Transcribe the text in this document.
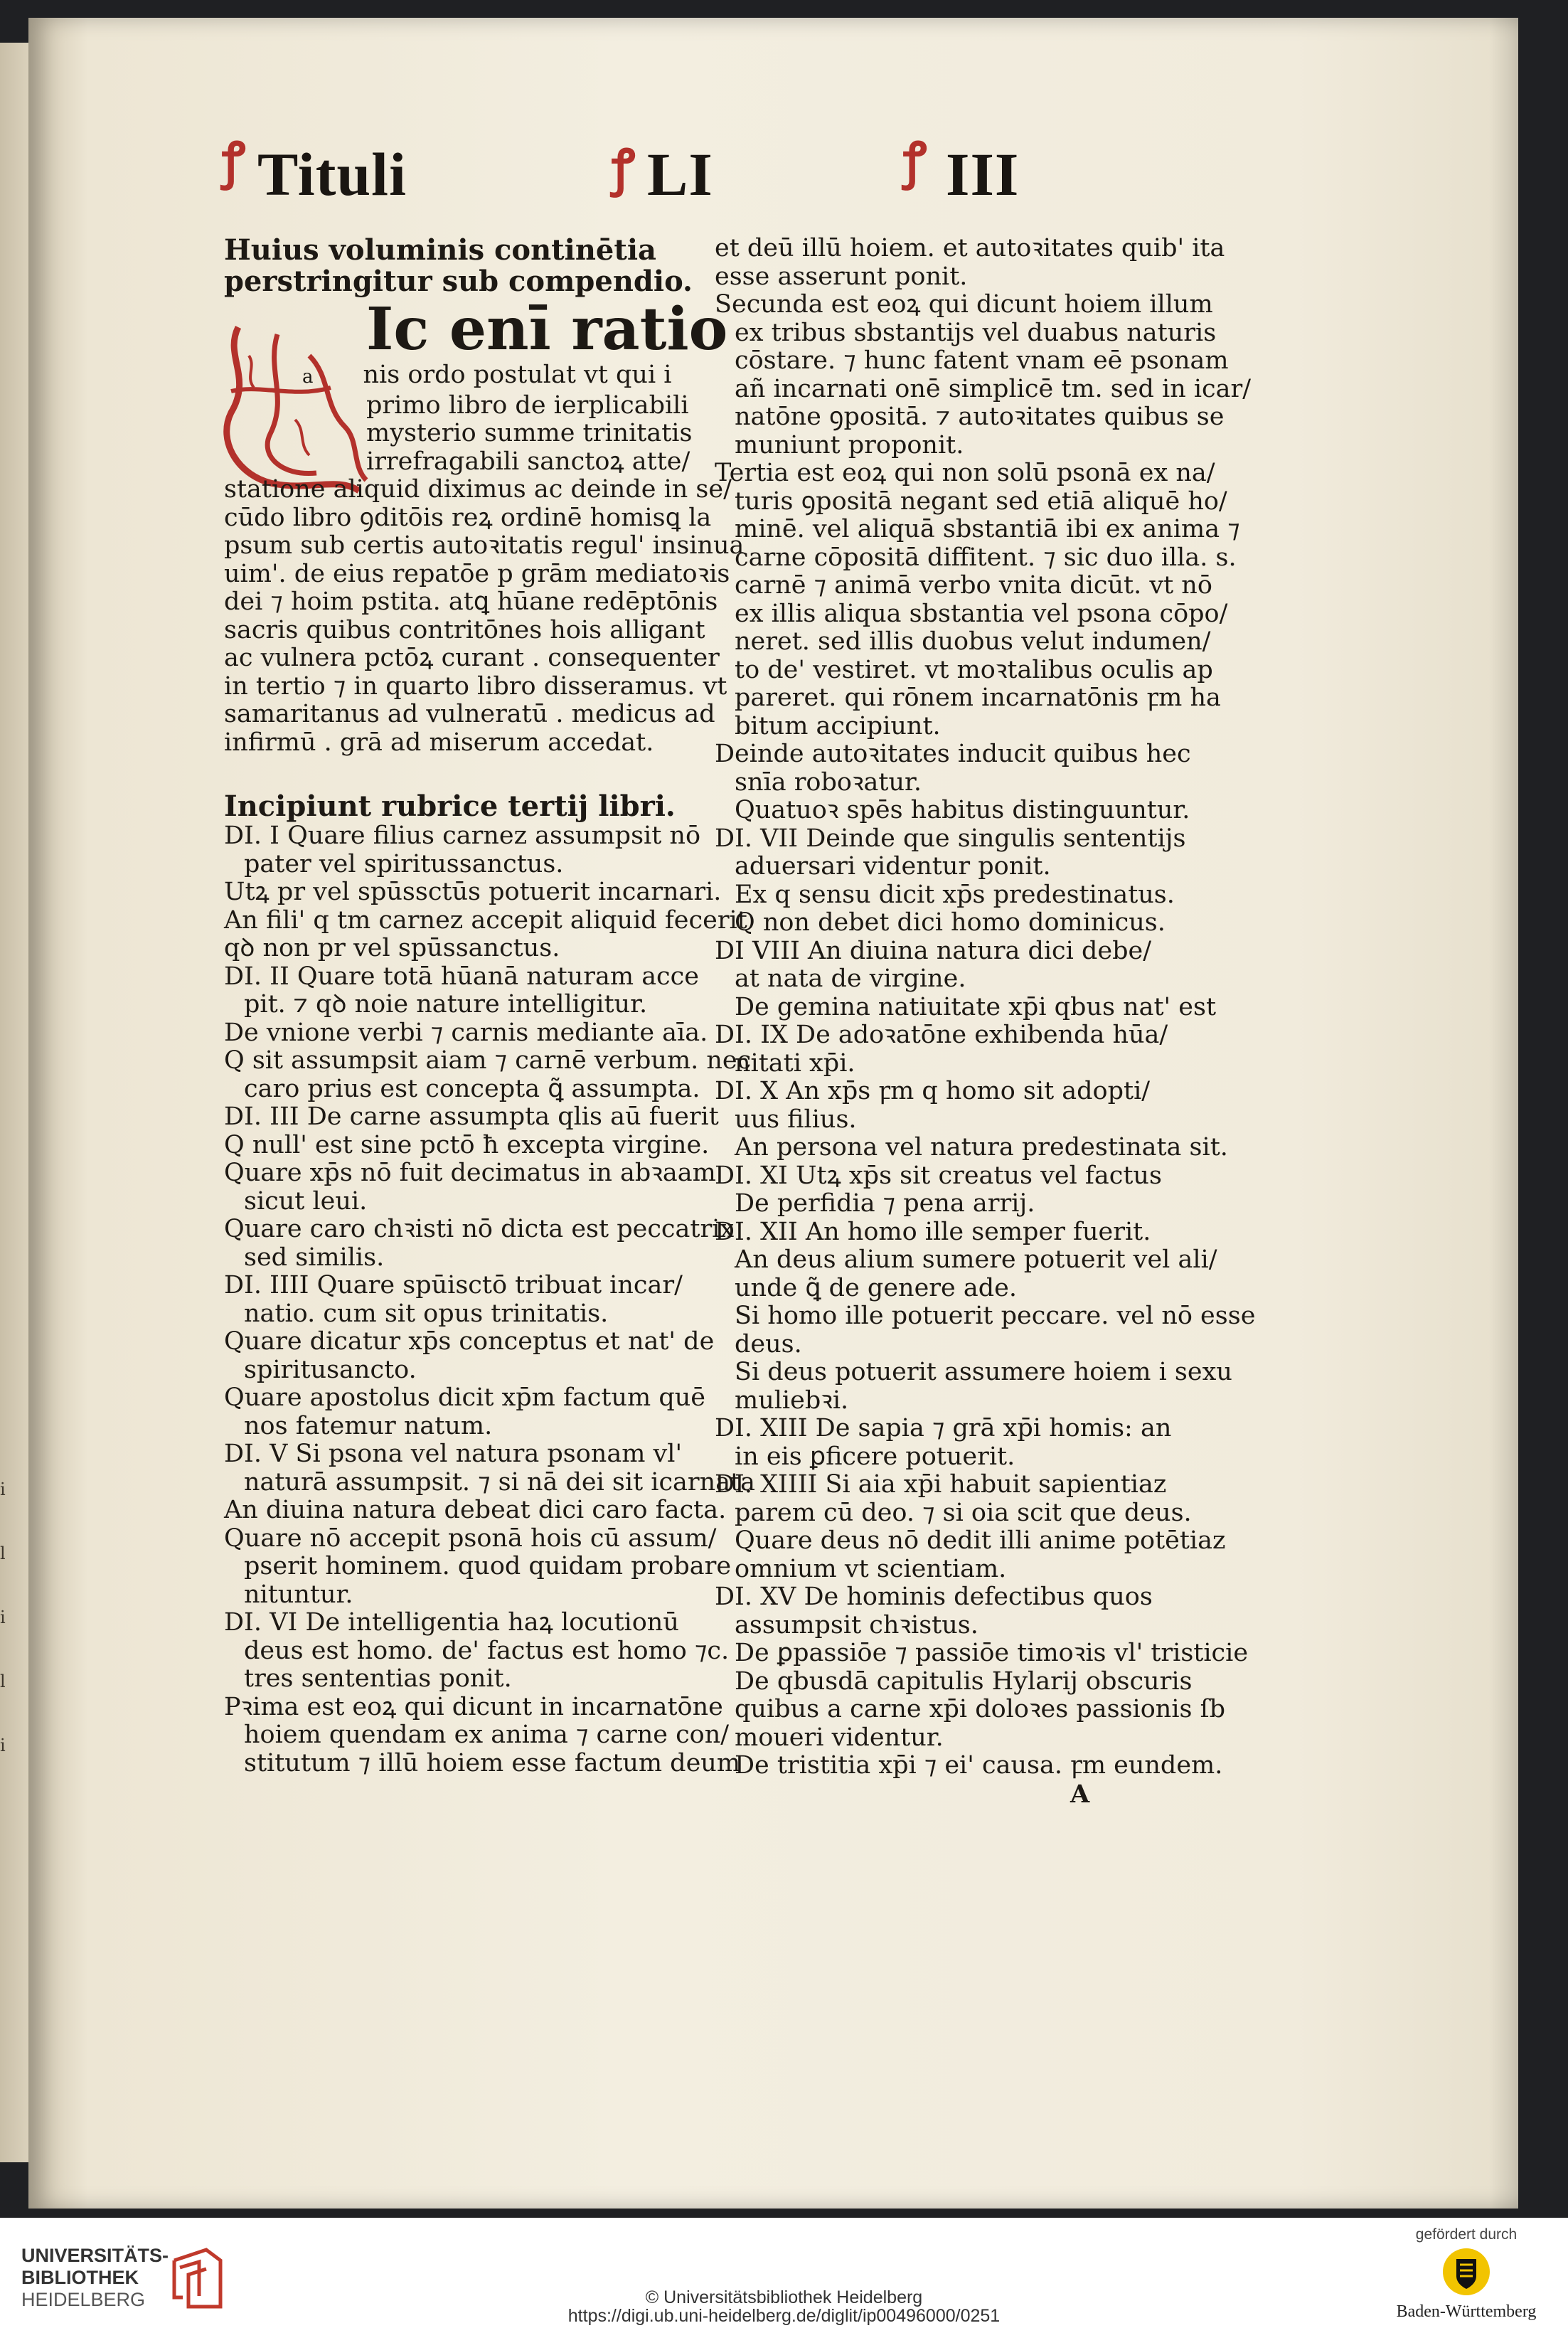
i
l
i
l
i
ꝭ Tituli	ꝭ LI	ꝭ III
Huius voluminis continētia
perstringitur sub compendio.
Ic enī ratio
a nis ordo postulat vt qui i
primo libro de ierplicabili
mysterio summe trinitatis
irrefragabili sanctoꝝ atte/
statione aliquid diximus ac deinde in se/
cūdo libro ꝯditōis reꝝ ordinē homisꝗ la
psum sub certis autoꝛitatis regul' insinua
uim'. de eius repatōe p grām mediatoꝛis
dei ⁊ hoim pstita. atꝗ hūane redēptōnis
sacris quibus contritōnes hois alligant
ac vulnera pctōꝝ curant . consequenter
in tertio ⁊ in quarto libro disseramus. vt
samaritanus ad vulneratū . medicus ad
infirmū . grā ad miserum accedat.
Incipiunt rubrice tertij libri.
DI. I Quare filius carnez assumpsit nō
pater vel spiritussanctus.
Utꝝ pr vel spūssctūs potuerit incarnari.
An fili' q tm carnez accepit aliquid fecerit
qꝺ non pr vel spūssanctus.
DI. II Quare totā hūanā naturam acce
pit. ⁊ qꝺ noie nature intelligitur.
De vnione verbi ⁊ carnis mediante aīa.
Q sit assumpsit aiam ⁊ carnē verbum. nec
caro prius est concepta ꝗ̃ assumpta.
DI. III De carne assumpta qlis aū fuerit
Q null' est sine pctō ħ excepta virgine.
Quare xp̄s nō fuit decimatus in abꝛaam
sicut leui.
Quare caro chꝛisti nō dicta est peccatrix
sed similis.
DI. IIII Quare spūisctō tribuat incar/
natio. cum sit opus trinitatis.
Quare dicatur xp̄s conceptus et nat' de
spiritusancto.
Quare apostolus dicit xp̄m factum quē
nos fatemur natum.
DI. V Si psona vel natura psonam vl'
naturā assumpsit. ⁊ si nā dei sit icarnata
An diuina natura debeat dici caro facta.
Quare nō accepit psonā hois cū assum/
pserit hominem. quod quidam probare
nituntur.
DI. VI De intelligentia haꝝ locutionū
deus est homo. de' factus est homo ⁊c.
tres sententias ponit.
Pꝛima est eoꝝ qui dicunt in incarnatōne
hoiem quendam ex anima ⁊ carne con/
stitutum ⁊ illū hoiem esse factum deum
et deū illū hoiem. et autoꝛitates quib' ita
esse asserunt ponit.
Secunda est eoꝝ qui dicunt hoiem illum
ex tribus sbstantijs vel duabus naturis
cōstare. ⁊ hunc fatent vnam eē psonam
añ incarnati onē simplicē tm. sed in icar/
natōne ꝯpositā. ⁊ autoꝛitates quibus se
muniunt proponit.
Tertia est eoꝝ qui non solū psonā ex na/
turis ꝯpositā negant sed etiā aliquē ho/
minē. vel aliquā sbstantiā ibi ex anima ⁊
carne cōpositā diffitent. ⁊ sic duo illa. s.
carnē ⁊ animā verbo vnita dicūt. vt nō
ex illis aliqua sbstantia vel psona cōpo/
neret. sed illis duobus velut indumen/
to de' vestiret. vt moꝛtalibus oculis ap
pareret. qui rōnem incarnatōnis ꝼm ha
bitum accipiunt.
Deinde autoꝛitates inducit quibus hec
snīa roboꝛatur.
Quatuoꝛ spēs habitus distinguuntur.
DI. VII Deinde que singulis sententijs
aduersari videntur ponit.
Ex q sensu dicit xp̄s predestinatus.
Q non debet dici homo dominicus.
DI VIII An diuina natura dici debe/
at nata de virgine.
De gemina natiuitate xp̄i qbus nat' est
DI. IX De adoꝛatōne exhibenda hūa/
nitati xp̄i.
DI. X An xp̄s ꝼm q homo sit adopti/
uus filius.
An persona vel natura predestinata sit.
DI. XI Utꝝ xp̄s sit creatus vel factus
De perfidia ⁊ pena arrij.
DI. XII An homo ille semper fuerit.
An deus alium sumere potuerit vel ali/
unde ꝗ̃ de genere ade.
Si homo ille potuerit peccare. vel nō esse
deus.
Si deus potuerit assumere hoiem i sexu
muliebꝛi.
DI. XIII De sapia ⁊ grā xp̄i homis: an
in eis ꝑficere potuerit.
DI. XIIII Si aia xp̄i habuit sapientiaz
parem cū deo. ⁊ si oia scit que deus.
Quare deus nō dedit illi anime potētiaz
omnium vt scientiam.
DI. XV De hominis defectibus quos
assumpsit chꝛistus.
De ꝑpassiōe ⁊ passiōe timoꝛis vl' tristicie
De qbusdā capitulis Hylarij obscuris
quibus a carne xp̄i doloꝛes passionis ſb
moueri videntur.
De tristitia xp̄i ⁊ ei' causa. ꝼm eundem.
A
UNIVERSITÄTS-
BIBLIOTHEK
HEIDELBERG	© Universitätsbibliothek Heidelberg
https://digi.ub.uni-heidelberg.de/diglit/ip00496000/0251
gefördert durch
Baden-Württemberg
